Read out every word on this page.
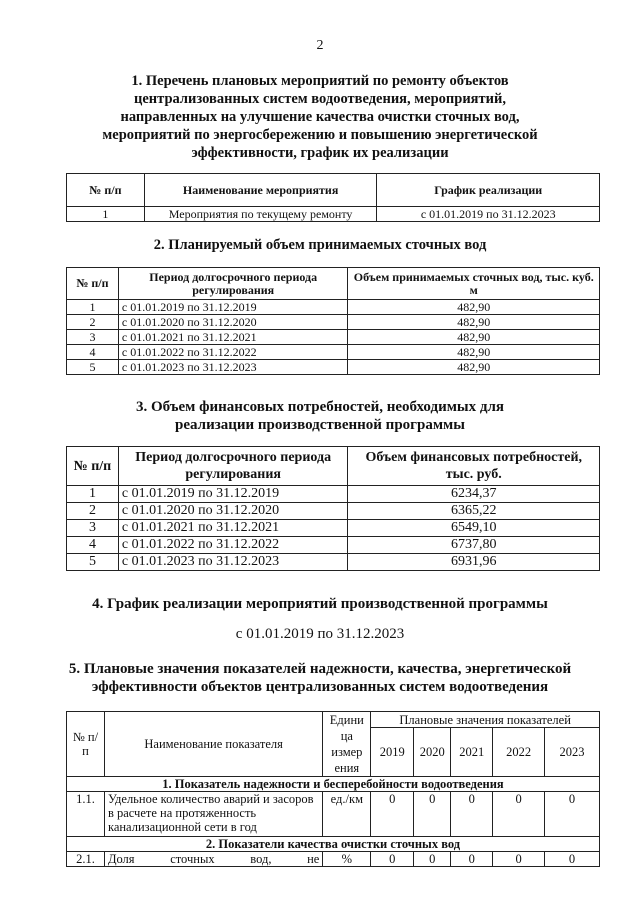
2
1. Перечень плановых мероприятий по ремонту объектов
централизованных систем водоотведения, мероприятий,
направленных на улучшение качества очистки сточных вод,
мероприятий по энергосбережению и повышению энергетической
эффективности, график их реализации
№ п/п	Наименование мероприятия	График реализации
1	Мероприятия по текущему ремонту	с 01.01.2019 по 31.12.2023
2. Планируемый объем принимаемых сточных вод
№ п/п	Период долгосрочного периода регулирования	Объем принимаемых сточных вод, тыс. куб. м
1	с 01.01.2019 по 31.12.2019	482,90
2	с 01.01.2020 по 31.12.2020	482,90
3	с 01.01.2021 по 31.12.2021	482,90
4	с 01.01.2022 по 31.12.2022	482,90
5	с 01.01.2023 по 31.12.2023	482,90
3. Объем финансовых потребностей, необходимых для
реализации производственной программы
№ п/п	Период долгосрочного периода регулирования	Объем финансовых потребностей, тыс. руб.
1	с 01.01.2019 по 31.12.2019	6234,37
2	с 01.01.2020 по 31.12.2020	6365,22
3	с 01.01.2021 по 31.12.2021	6549,10
4	с 01.01.2022 по 31.12.2022	6737,80
5	с 01.01.2023 по 31.12.2023	6931,96
4. График реализации мероприятий производственной программы
с 01.01.2019 по 31.12.2023
5. Плановые значения показателей надежности, качества, энергетической
эффективности объектов централизованных систем водоотведения
№ п/п	Наименование показателя	Едини ца измер ения	Плановые значения показателей				
			2019	2020	2021	2022	2023
1. Показатель надежности и бесперебойности водоотведения							
1.1.	Удельное количество аварий и засоров в расчете на протяженность канализационной сети в год	ед./км	0	0	0	0	0
2. Показатели качества очистки сточных вод							
2.1.	Доля сточных вод, не	%	0	0	0	0	0
